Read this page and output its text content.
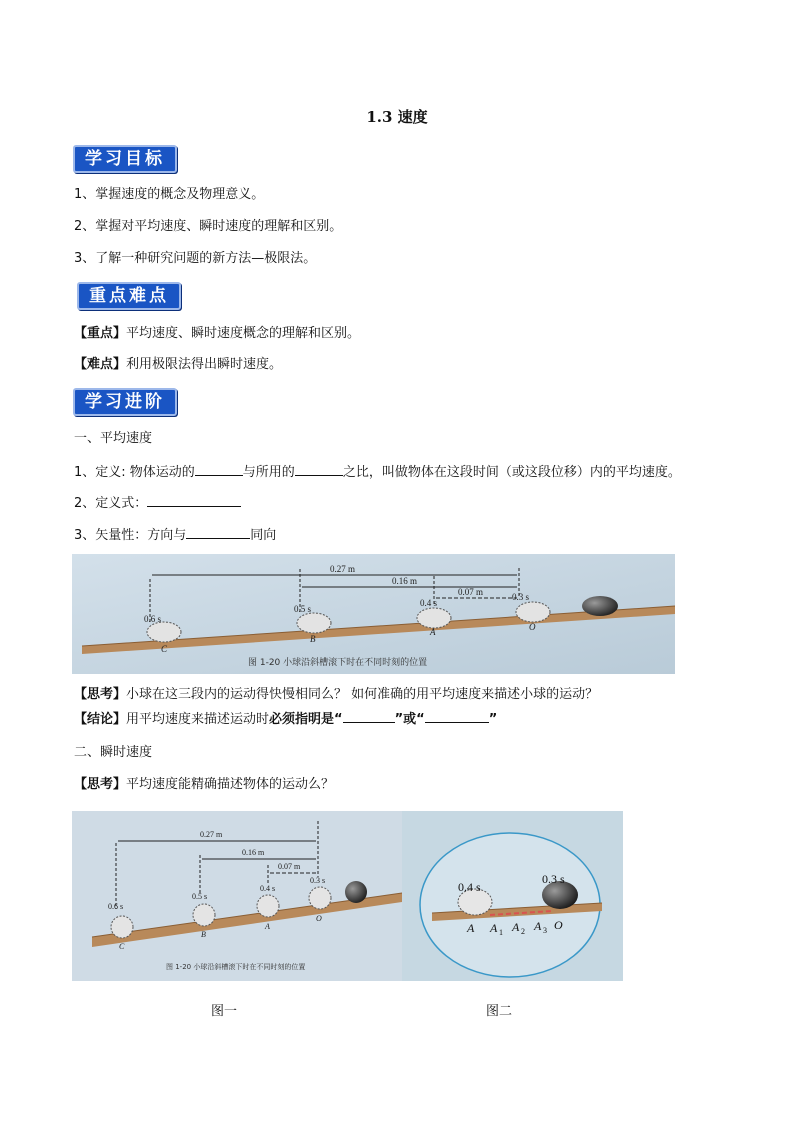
1.3 速度
学习目标
1、掌握速度的概念及物理意义。
2、掌握对平均速度、瞬时速度的理解和区别。
3、了解一种研究问题的新方法—极限法。
重点难点
【重点】平均速度、瞬时速度概念的理解和区别。
【难点】利用极限法得出瞬时速度。
学习进阶
一、平均速度
1、定义: 物体运动的	与所用的	之比，叫做物体在这段时间（或这段位移）内的平均速度。
2、定义式：
3、矢量性：方向与	同向
0.27 m
0.16 m
0.07 m
0.6 s
0.5 s
0.4 s
0.3 s
C
B
A	O
图 1-20 小球沿斜槽滚下时在不同时刻的位置
【思考】小球在这三段内的运动得快慢相同么？ 如何准确的用平均速度来描述小球的运动？
【结论】用平均速度来描述运动时必须指明是“	”或“	”
二、瞬时速度
【思考】平均速度能精确描述物体的运动么？
0.27 m
0.16 m
0.07 m
0.6 s
0.5 s
0.4 s
0.3 s
C
B
A
O
图 1-20 小球沿斜槽滚下时在不同时刻的位置
0.4 s
0.3 s
A A 1 A 2 A 3 O
图一	图二
